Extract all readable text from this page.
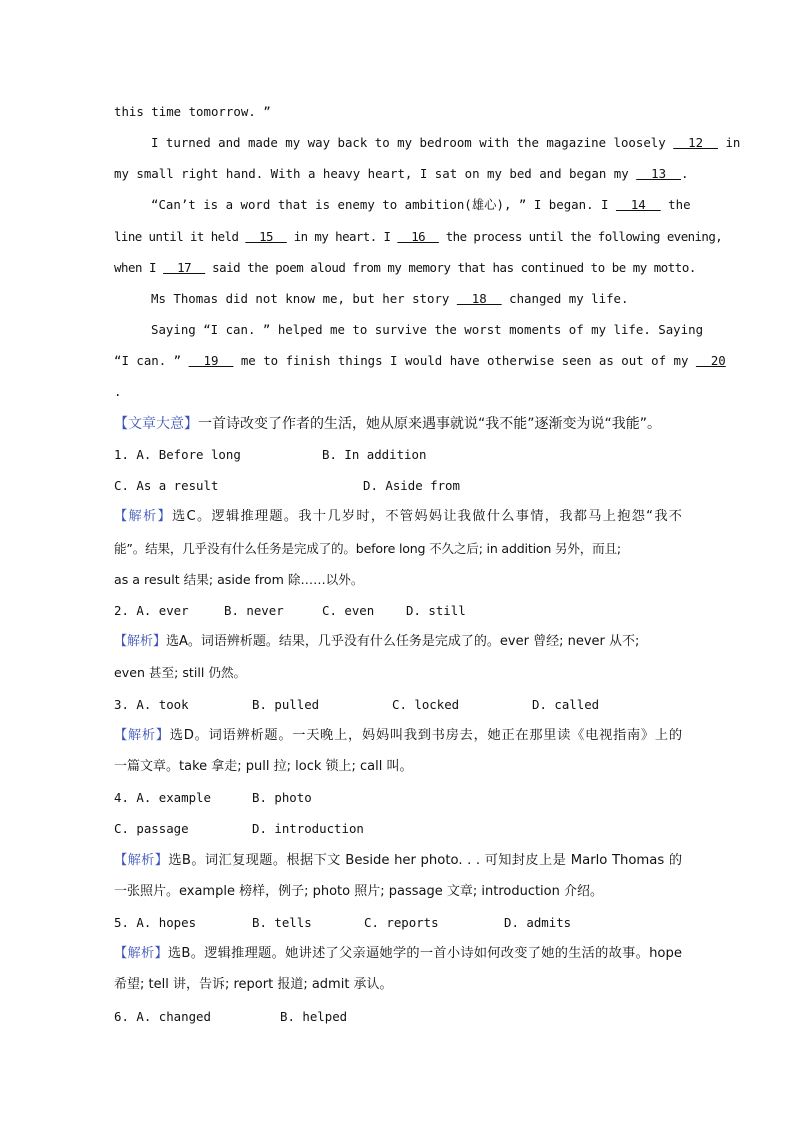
this time tomorrow. ”
I turned and made my way back to my bedroom with the magazine loosely   12   in
my small right hand. With a heavy heart, I sat on my bed and began my   13  .
“Can’t is a word that is enemy to ambition(雄心), ” I began. I   14   the
line until it held   15   in my heart. I   16   the process until the following evening,
when I   17   said the poem aloud from my memory that has continued to be my motto.
Ms Thomas did not know me, but her story   18   changed my life.
Saying “I can. ” helped me to survive the worst moments of my life. Saying
“I can. ”   19   me to finish things I would have otherwise seen as out of my   20
.
【文章大意】一首诗改变了作者的生活，她从原来遇事就说“我不能”逐渐变为说“我能”。
1. A. Before long	B. In addition
C. As a result	D. Aside from
【解析】选C。逻辑推理题。我十几岁时，不管妈妈让我做什么事情，我都马上抱怨“我不
能”。结果，几乎没有什么任务是完成了的。before long 不久之后; in addition 另外，而且;
as a result 结果; aside from 除……以外。
2. A. ever	B. never	C. even	D. still
【解析】选A。词语辨析题。结果，几乎没有什么任务是完成了的。ever 曾经; never 从不;
even 甚至; still 仍然。
3. A. took	B. pulled	C. locked	D. called
【解析】选D。词语辨析题。一天晚上，妈妈叫我到书房去，她正在那里读《电视指南》上的
一篇文章。take 拿走; pull 拉; lock 锁上; call 叫。
4. A. example	B. photo
C. passage	D. introduction
【解析】选B。词汇复现题。根据下文 Beside her photo. . . 可知封皮上是 Marlo Thomas 的
一张照片。example 榜样，例子; photo 照片; passage 文章; introduction 介绍。
5. A. hopes	B. tells	C. reports	D. admits
【解析】选B。逻辑推理题。她讲述了父亲逼她学的一首小诗如何改变了她的生活的故事。hope
希望; tell 讲，告诉; report 报道; admit 承认。
6. A. changed	B. helped
